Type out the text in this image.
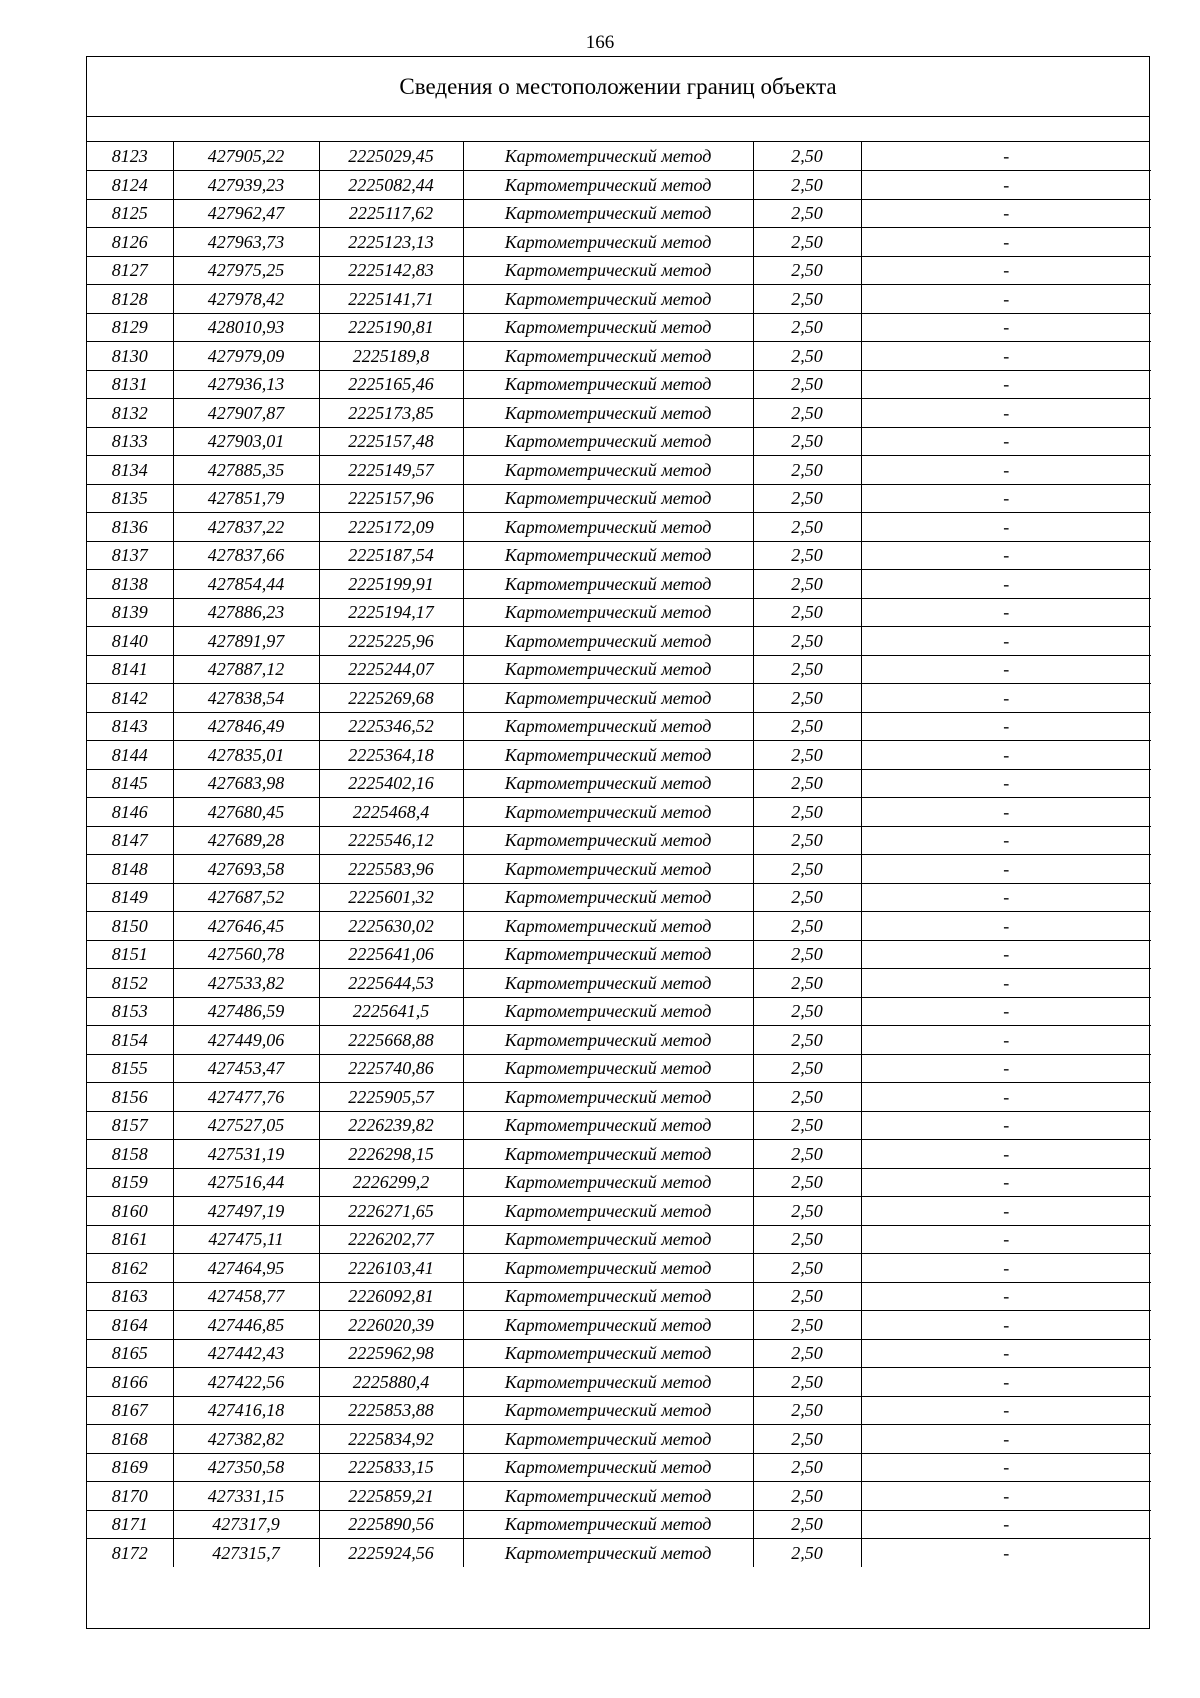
166
Сведения о местоположении границ объекта
8123	427905,22	2225029,45	Картометрический метод	2,50	-
8124	427939,23	2225082,44	Картометрический метод	2,50	-
8125	427962,47	2225117,62	Картометрический метод	2,50	-
8126	427963,73	2225123,13	Картометрический метод	2,50	-
8127	427975,25	2225142,83	Картометрический метод	2,50	-
8128	427978,42	2225141,71	Картометрический метод	2,50	-
8129	428010,93	2225190,81	Картометрический метод	2,50	-
8130	427979,09	2225189,8	Картометрический метод	2,50	-
8131	427936,13	2225165,46	Картометрический метод	2,50	-
8132	427907,87	2225173,85	Картометрический метод	2,50	-
8133	427903,01	2225157,48	Картометрический метод	2,50	-
8134	427885,35	2225149,57	Картометрический метод	2,50	-
8135	427851,79	2225157,96	Картометрический метод	2,50	-
8136	427837,22	2225172,09	Картометрический метод	2,50	-
8137	427837,66	2225187,54	Картометрический метод	2,50	-
8138	427854,44	2225199,91	Картометрический метод	2,50	-
8139	427886,23	2225194,17	Картометрический метод	2,50	-
8140	427891,97	2225225,96	Картометрический метод	2,50	-
8141	427887,12	2225244,07	Картометрический метод	2,50	-
8142	427838,54	2225269,68	Картометрический метод	2,50	-
8143	427846,49	2225346,52	Картометрический метод	2,50	-
8144	427835,01	2225364,18	Картометрический метод	2,50	-
8145	427683,98	2225402,16	Картометрический метод	2,50	-
8146	427680,45	2225468,4	Картометрический метод	2,50	-
8147	427689,28	2225546,12	Картометрический метод	2,50	-
8148	427693,58	2225583,96	Картометрический метод	2,50	-
8149	427687,52	2225601,32	Картометрический метод	2,50	-
8150	427646,45	2225630,02	Картометрический метод	2,50	-
8151	427560,78	2225641,06	Картометрический метод	2,50	-
8152	427533,82	2225644,53	Картометрический метод	2,50	-
8153	427486,59	2225641,5	Картометрический метод	2,50	-
8154	427449,06	2225668,88	Картометрический метод	2,50	-
8155	427453,47	2225740,86	Картометрический метод	2,50	-
8156	427477,76	2225905,57	Картометрический метод	2,50	-
8157	427527,05	2226239,82	Картометрический метод	2,50	-
8158	427531,19	2226298,15	Картометрический метод	2,50	-
8159	427516,44	2226299,2	Картометрический метод	2,50	-
8160	427497,19	2226271,65	Картометрический метод	2,50	-
8161	427475,11	2226202,77	Картометрический метод	2,50	-
8162	427464,95	2226103,41	Картометрический метод	2,50	-
8163	427458,77	2226092,81	Картометрический метод	2,50	-
8164	427446,85	2226020,39	Картометрический метод	2,50	-
8165	427442,43	2225962,98	Картометрический метод	2,50	-
8166	427422,56	2225880,4	Картометрический метод	2,50	-
8167	427416,18	2225853,88	Картометрический метод	2,50	-
8168	427382,82	2225834,92	Картометрический метод	2,50	-
8169	427350,58	2225833,15	Картометрический метод	2,50	-
8170	427331,15	2225859,21	Картометрический метод	2,50	-
8171	427317,9	2225890,56	Картометрический метод	2,50	-
8172	427315,7	2225924,56	Картометрический метод	2,50	-
